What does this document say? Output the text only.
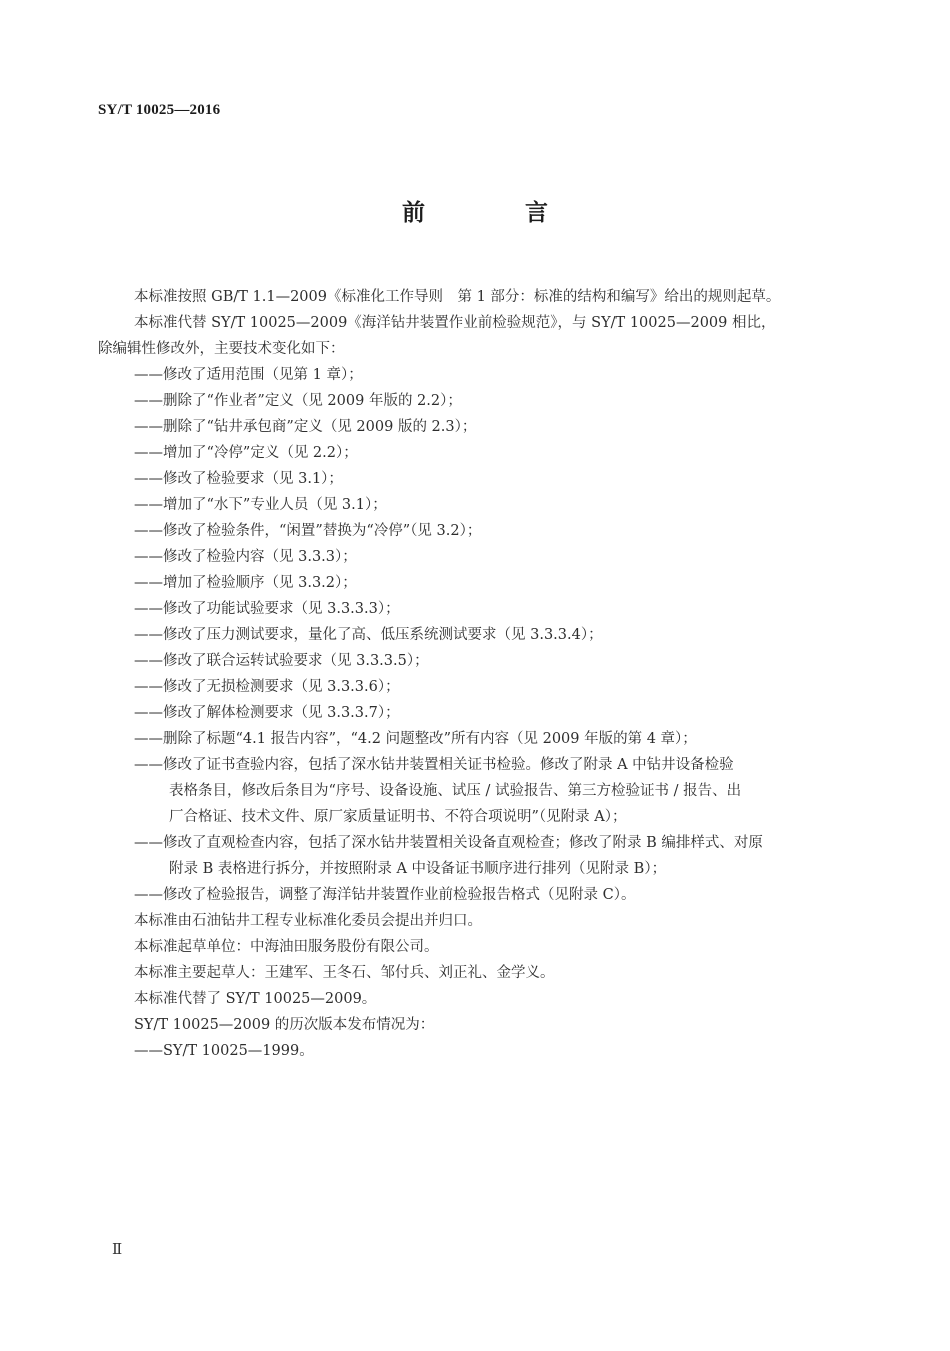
SY/T 10025—2016
前 言
本标准按照 GB/T 1.1—2009《标准化工作导则　第 1 部分：标准的结构和编写》给出的规则起草。
本标准代替 SY/T 10025—2009《海洋钻井装置作业前检验规范》，与 SY/T 10025—2009 相比，
除编辑性修改外，主要技术变化如下：
——修改了适用范围（见第 1 章）；
——删除了“作业者”定义（见 2009 年版的 2.2）；
——删除了“钻井承包商”定义（见 2009 版的 2.3）；
——增加了“冷停”定义（见 2.2）；
——修改了检验要求（见 3.1）；
——增加了“水下”专业人员（见 3.1）；
——修改了检验条件，“闲置”替换为“冷停”（见 3.2）；
——修改了检验内容（见 3.3.3）；
——增加了检验顺序（见 3.3.2）；
——修改了功能试验要求（见 3.3.3.3）；
——修改了压力测试要求，量化了高、低压系统测试要求（见 3.3.3.4）；
——修改了联合运转试验要求（见 3.3.3.5）；
——修改了无损检测要求（见 3.3.3.6）；
——修改了解体检测要求（见 3.3.3.7）；
——删除了标题“4.1 报告内容”，“4.2 问题整改”所有内容（见 2009 年版的第 4 章）；
——修改了证书查验内容，包括了深水钻井装置相关证书检验。修改了附录 A 中钻井设备检验
表格条目，修改后条目为“序号、设备设施、试压 / 试验报告、第三方检验证书 / 报告、出
厂合格证、技术文件、原厂家质量证明书、不符合项说明”（见附录 A）；
——修改了直观检查内容，包括了深水钻井装置相关设备直观检查；修改了附录 B 编排样式、对原
附录 B 表格进行拆分，并按照附录 A 中设备证书顺序进行排列（见附录 B）；
——修改了检验报告，调整了海洋钻井装置作业前检验报告格式（见附录 C）。
本标准由石油钻井工程专业标准化委员会提出并归口。
本标准起草单位：中海油田服务股份有限公司。
本标准主要起草人：王建军、王冬石、邹付兵、刘正礼、金学义。
本标准代替了 SY/T 10025—2009。
SY/T 10025—2009 的历次版本发布情况为：
——SY/T 10025—1999。
Ⅱ
